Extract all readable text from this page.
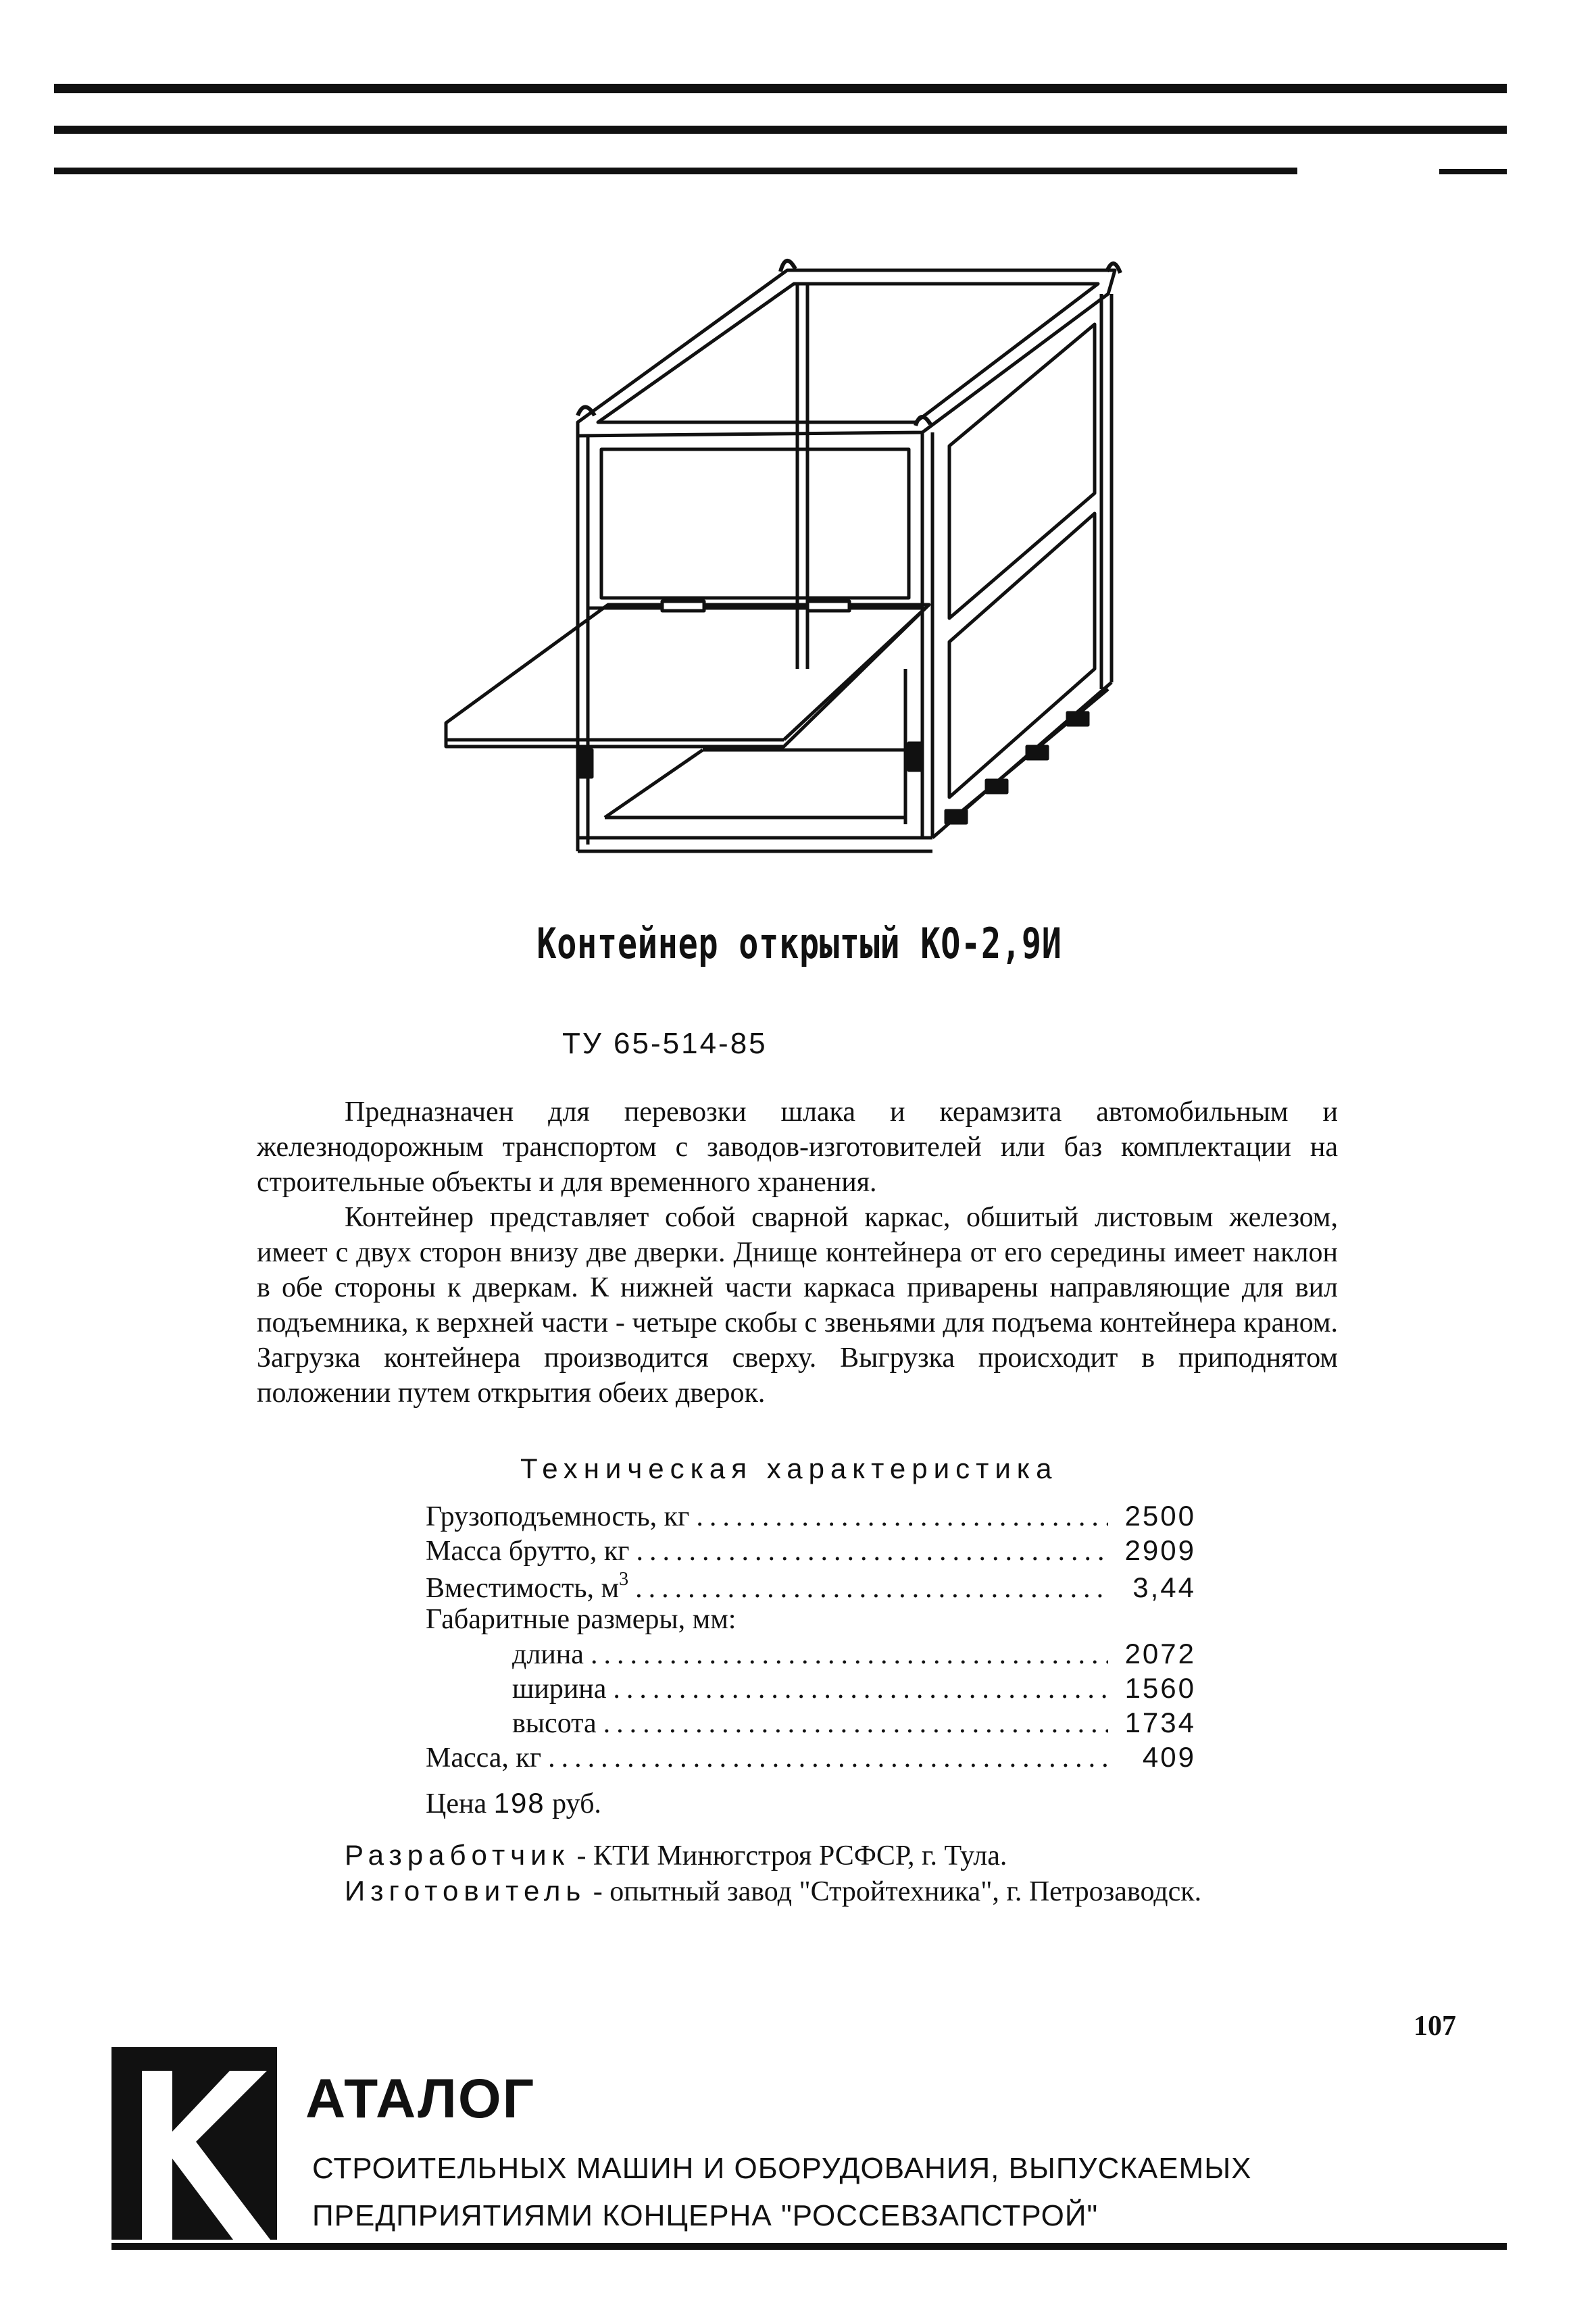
Контейнер открытый КО-2,9И
ТУ 65-514-85

Предназначен для перевозки шлака и керамзита автомобильным и железнодорожным транспортом с заводов-изготовителей или баз комплектации на строительные объекты и для временного хранения.

Контейнер представляет собой сварной каркас, обшитый листовым железом, имеет с двух сторон внизу две дверки. Днище контейнера от его середины имеет наклон в обе стороны к дверкам. К нижней части каркаса приварены направляющие для вил подъемника, к верхней части - четыре скобы с звеньями для подъема контейнера краном. Загрузка контейнера производится сверху. Выгрузка происходит в приподнятом положении путем открытия обеих дверок.

Техническая характеристика
Грузоподъемность, кг .....	2500
Масса брутто, кг .....	2909
Вместимость, $м^3$ .....	3,44
Габаритные размеры, мм:
длина .....	2072
ширина .....	1560
высота .....	1734
Масса, кг .....	409
Цена 198 руб.

Разработчик - КТИ Минюгстроя РСФСР, г. Тула.

Изготовитель - опытный завод "Стройтехника", г. Петрозаводск.

107
АТАЛОГ
СТРОИТЕЛЬНЫХ МАШИН И ОБОРУДОВАНИЯ, ВЫПУСКАЕМЫХ
ПРЕДПРИЯТИЯМИ КОНЦЕРНА "РОССЕВЗАПСТРОЙ"
